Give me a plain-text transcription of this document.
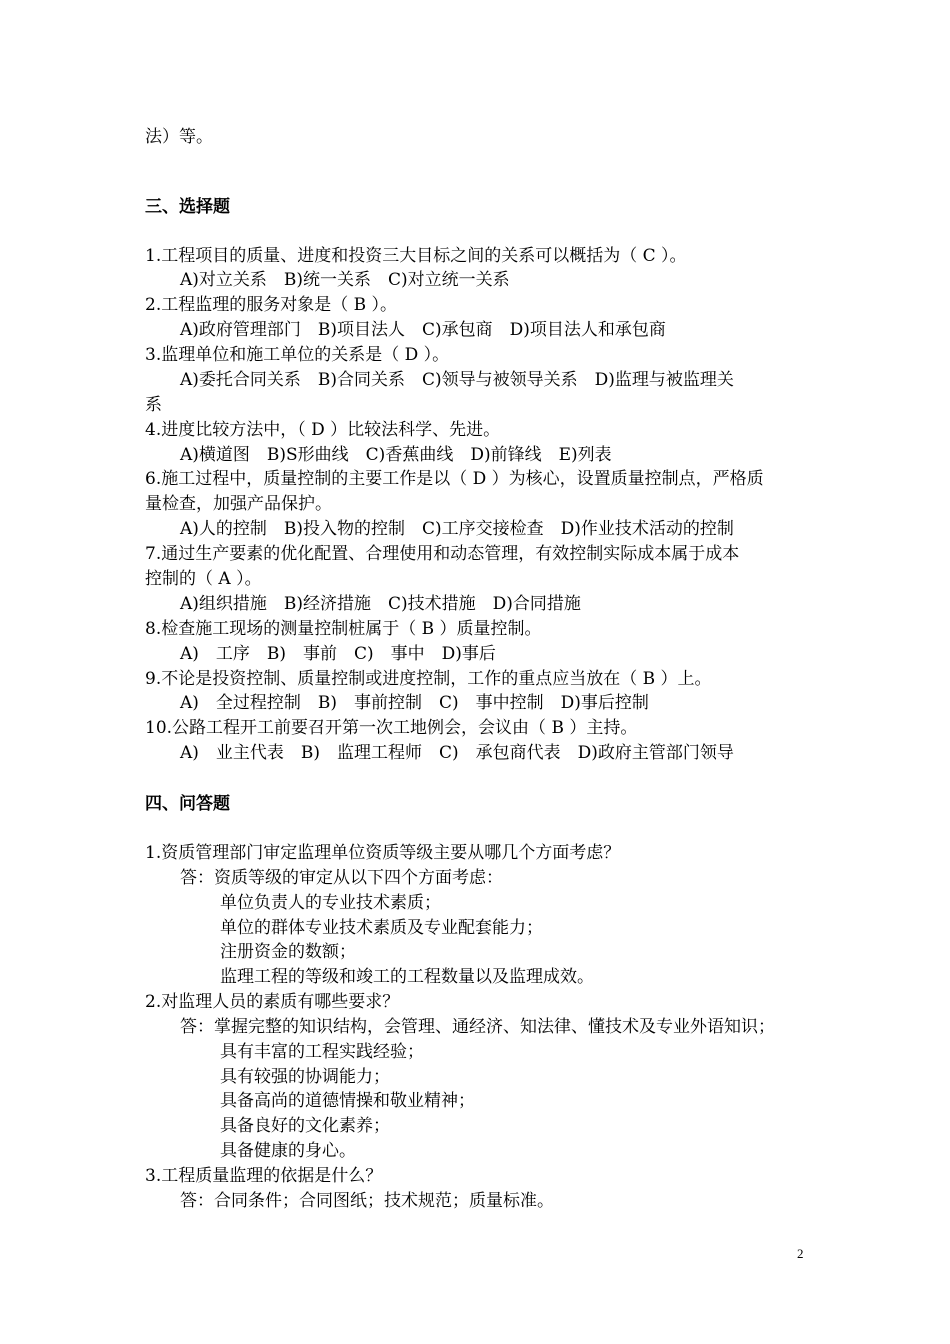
法）等。
三、选择题
1.工程项目的质量、进度和投资三大目标之间的关系可以概括为（ C ）。
A)对立关系　B)统一关系　C)对立统一关系
2.工程监理的服务对象是（ B ）。
A)政府管理部门　B)项目法人　C)承包商　D)项目法人和承包商
3.监理单位和施工单位的关系是（ D ）。
A)委托合同关系　B)合同关系　C)领导与被领导关系　D)监理与被监理关
系
4.进度比较方法中，（ D ）比较法科学、先进。
A)横道图　B)S形曲线　C)香蕉曲线　D)前锋线　E)列表
6.施工过程中，质量控制的主要工作是以（ D ）为核心，设置质量控制点，严格质
量检查，加强产品保护。
A)人的控制　B)投入物的控制　C)工序交接检查　D)作业技术活动的控制
7.通过生产要素的优化配置、合理使用和动态管理，有效控制实际成本属于成本
控制的（ A ）。
A)组织措施　B)经济措施　C)技术措施　D)合同措施
8.检查施工现场的测量控制桩属于（ B ）质量控制。
A)　工序　B)　事前　C)　事中　D)事后
9.不论是投资控制、质量控制或进度控制，工作的重点应当放在（ B ）上。
A)　全过程控制　B)　事前控制　C)　事中控制　D)事后控制
10.公路工程开工前要召开第一次工地例会，会议由（ B ）主持。
A)　业主代表　B)　监理工程师　C)　承包商代表　D)政府主管部门领导
四、问答题
1.资质管理部门审定监理单位资质等级主要从哪几个方面考虑？
答：资质等级的审定从以下四个方面考虑：
单位负责人的专业技术素质；
单位的群体专业技术素质及专业配套能力；
注册资金的数额；
监理工程的等级和竣工的工程数量以及监理成效。
2.对监理人员的素质有哪些要求？
答：掌握完整的知识结构，会管理、通经济、知法律、懂技术及专业外语知识；
具有丰富的工程实践经验；
具有较强的协调能力；
具备高尚的道德情操和敬业精神；
具备良好的文化素养；
具备健康的身心。
3.工程质量监理的依据是什么？
答：合同条件；合同图纸；技术规范；质量标准。
2
